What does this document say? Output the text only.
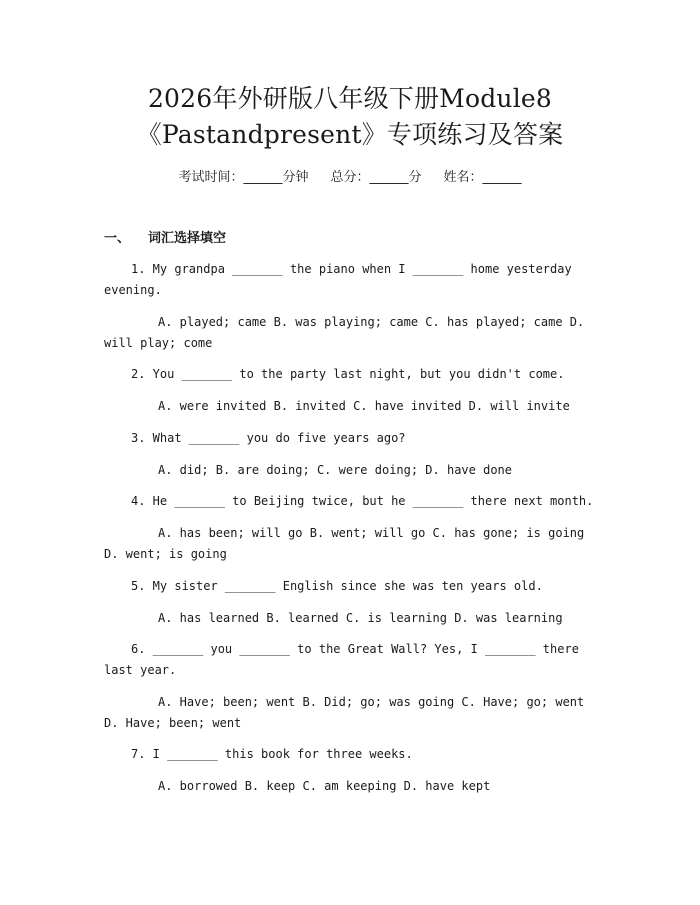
2026年外研版八年级下册Module8
《Pastandpresent》专项练习及答案
考试时间：______分钟 总分：______分 姓名：______
一、 词汇选择填空
1. My grandpa _______ the piano when I _______ home yesterday evening.
A. played; came B. was playing; came C. has played; came D. will play; come
2. You _______ to the party last night, but you didn't come.
A. were invited B. invited C. have invited D. will invite
3. What _______ you do five years ago?
A. did; B. are doing; C. were doing; D. have done
4. He _______ to Beijing twice, but he _______ there next month.
A. has been; will go B. went; will go C. has gone; is going D. went; is going
5. My sister _______ English since she was ten years old.
A. has learned B. learned C. is learning D. was learning
6. _______ you _______ to the Great Wall? Yes, I _______ there last year.
A. Have; been; went B. Did; go; was going C. Have; go; went D. Have; been; went
7. I _______ this book for three weeks.
A. borrowed B. keep C. am keeping D. have kept
